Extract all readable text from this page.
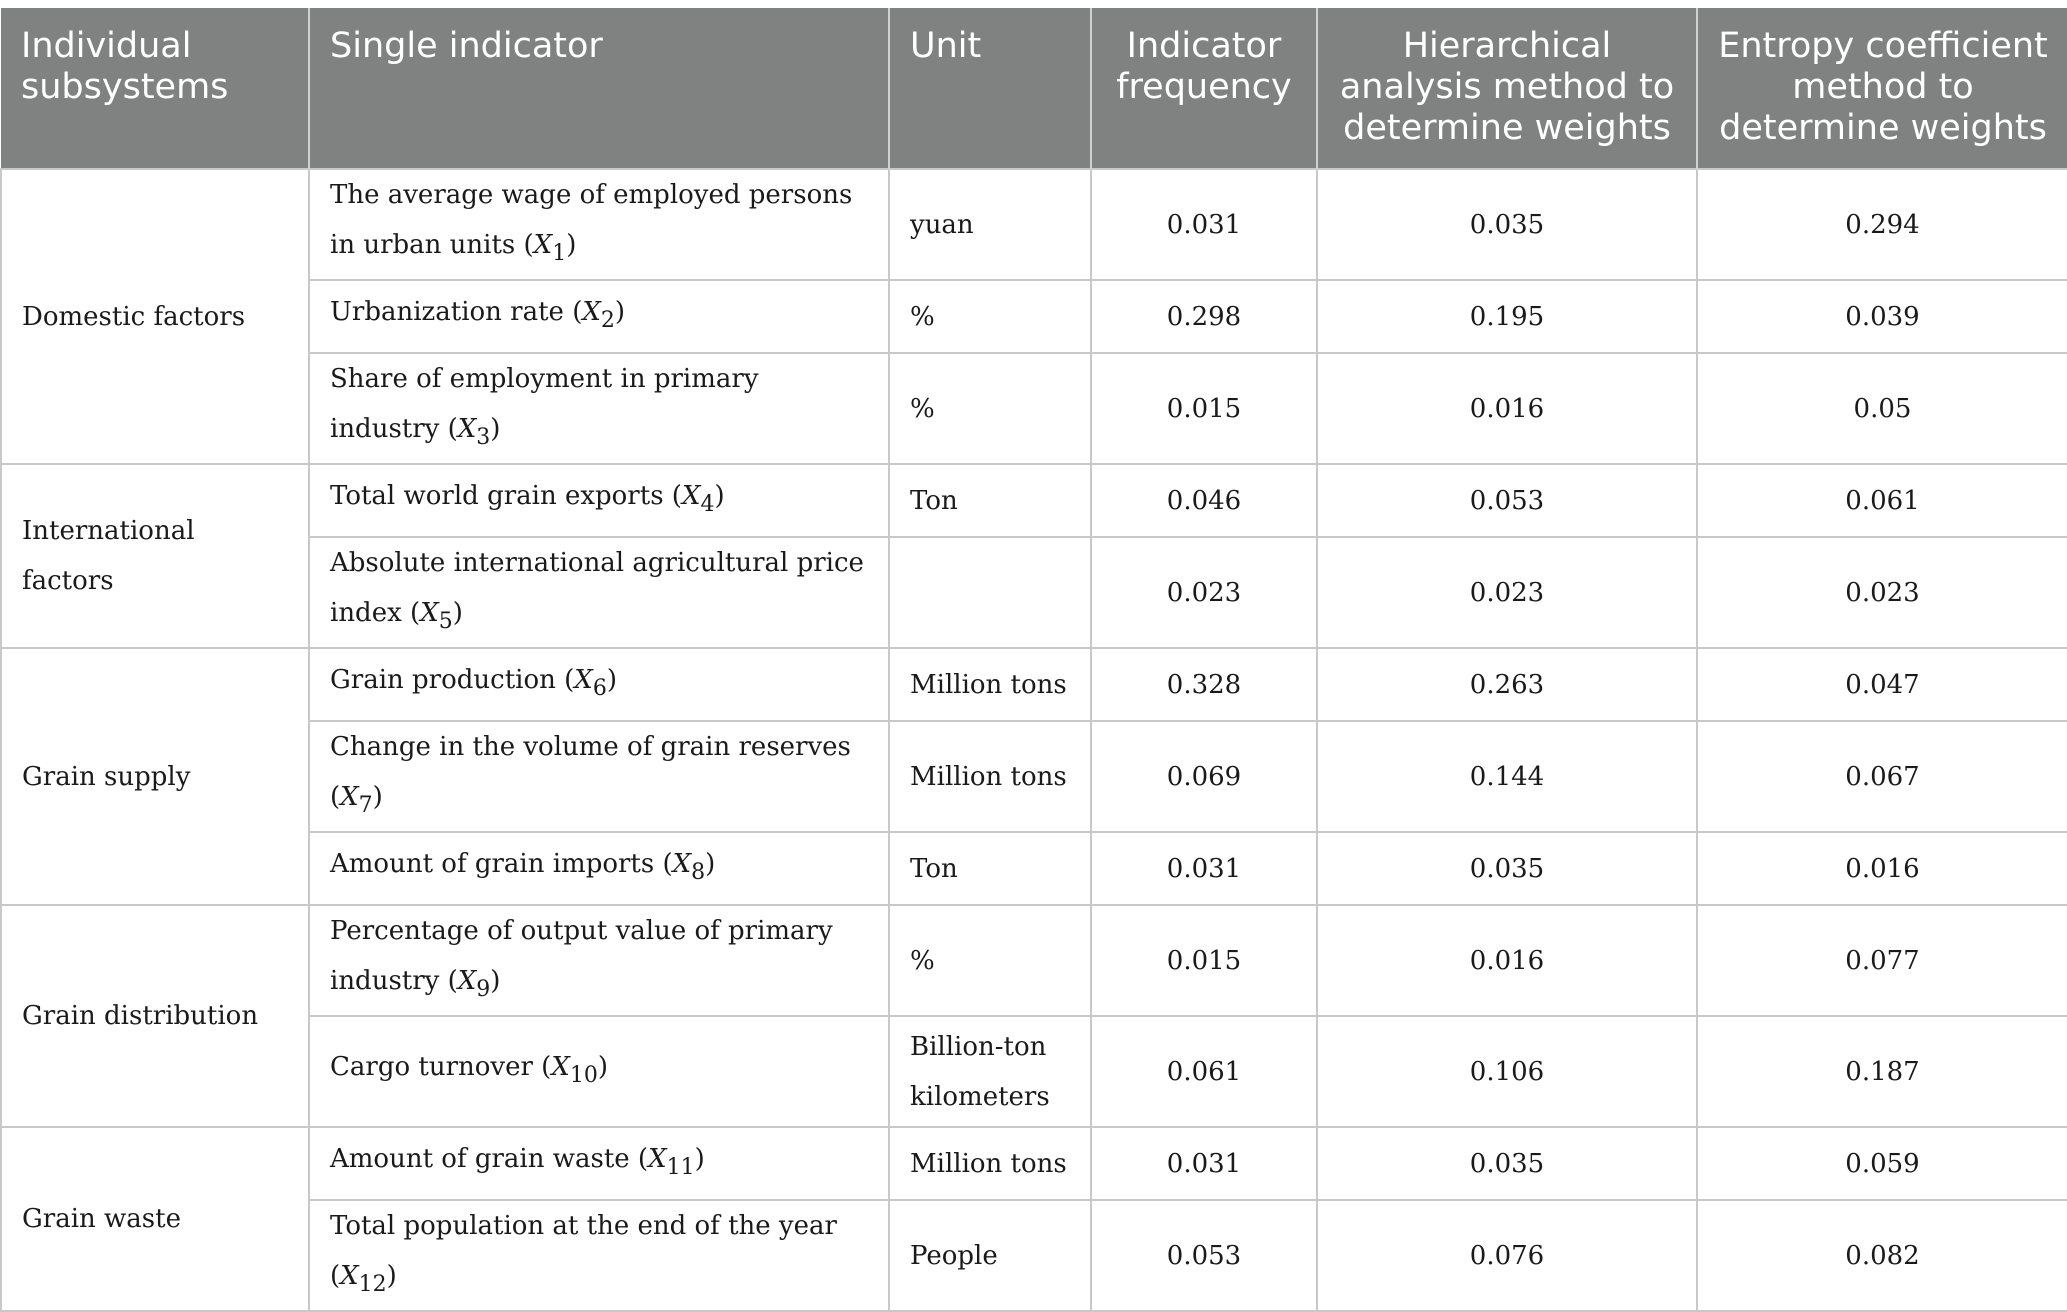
Individual subsystems	Single indicator	Unit	Indicator frequency	Hierarchical analysis method to determine weights	Entropy coefficient method to determine weights
Domestic factors	The average wage of employed persons in urban units $(X_1)$	yuan	0.031	0.035	0.294
	Urbanization rate $(X_2)$	%	0.298	0.195	0.039
	Share of employment in primary industry $(X_3)$	%	0.015	0.016	0.05
International factors	Total world grain exports $(X_4)$	Ton	0.046	0.053	0.061
	Absolute international agricultural price index $(X_5)$		0.023	0.023	0.023
Grain supply	Grain production $(X_6)$	Million tons	0.328	0.263	0.047
	Change in the volume of grain reserves $(X_7)$	Million tons	0.069	0.144	0.067
	Amount of grain imports $(X_8)$	Ton	0.031	0.035	0.016
Grain distribution	Percentage of output value of primary industry $(X_9)$	%	0.015	0.016	0.077
	Cargo turnover $(X_{10})$	Billion-ton kilometers	0.061	0.106	0.187
Grain waste	Amount of grain waste $(X_{11})$	Million tons	0.031	0.035	0.059
	Total population at the end of the year $(X_{12})$	People	0.053	0.076	0.082
